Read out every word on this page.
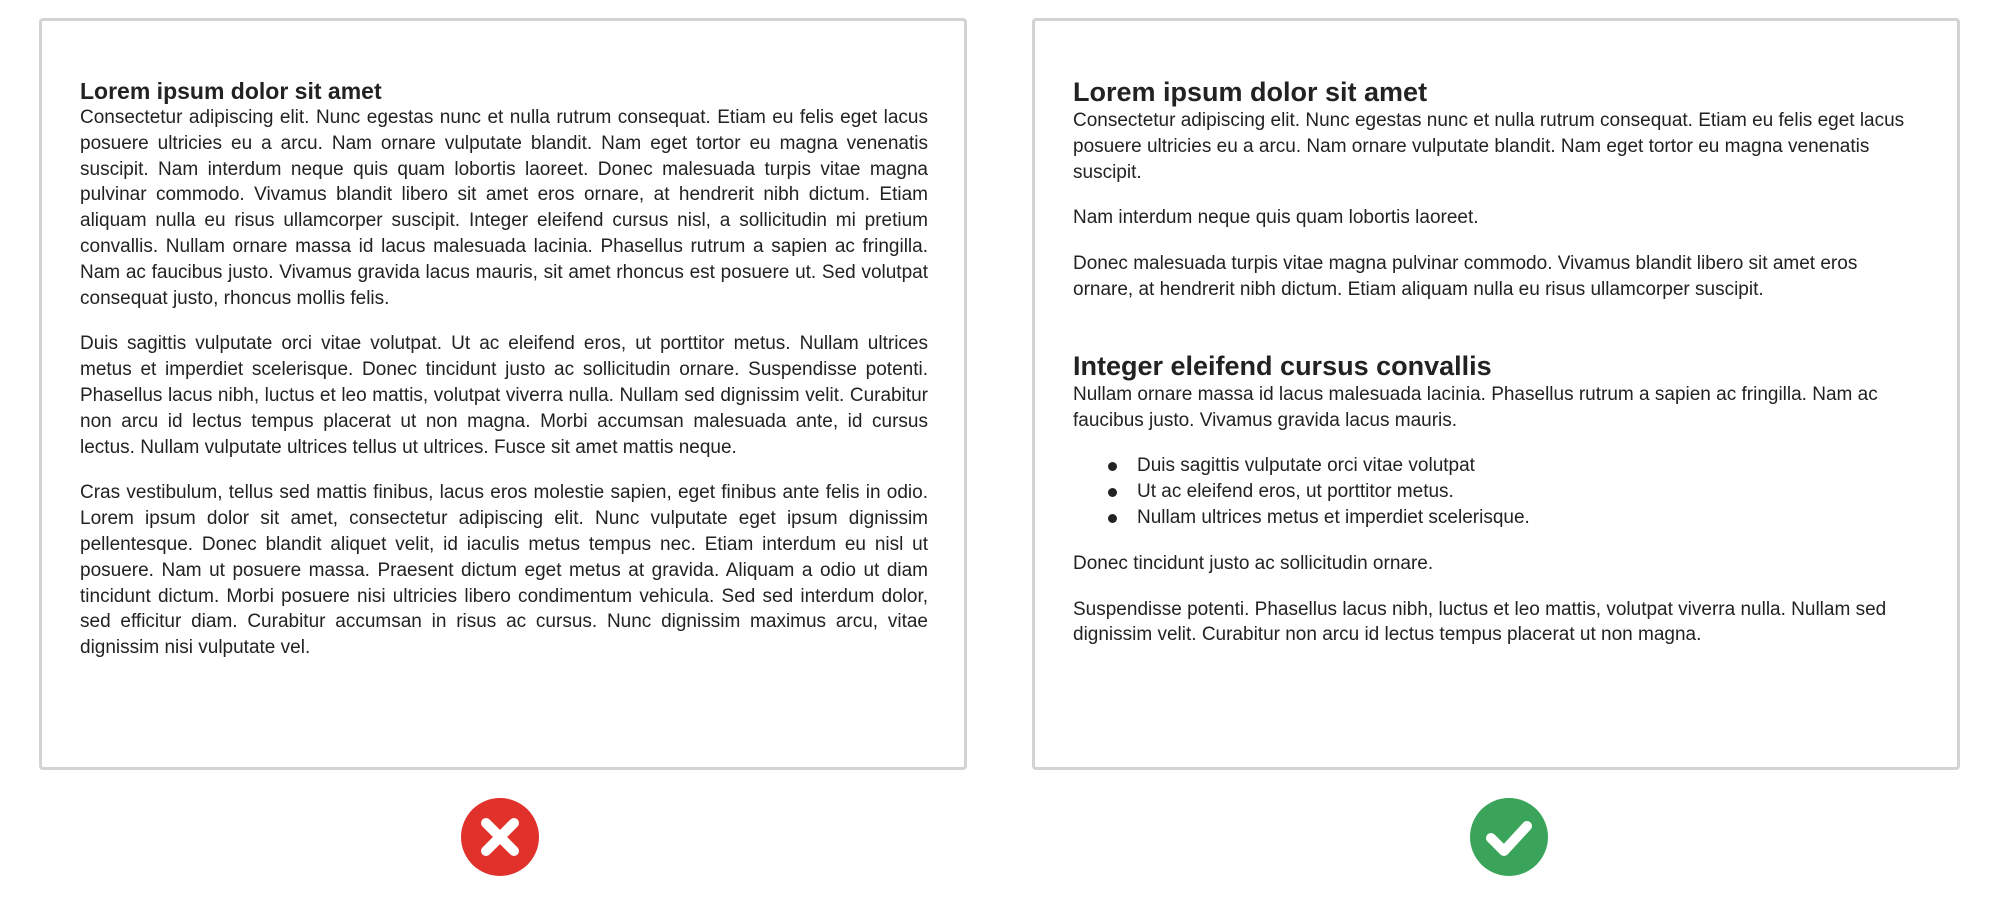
Lorem ipsum dolor sit amet

Consectetur adipiscing elit. Nunc egestas nunc et nulla rutrum consequat. Etiam eu felis eget lacus posuere ultricies eu a arcu. Nam ornare vulputate blandit. Nam eget tortor eu magna venenatis suscipit. Nam interdum neque quis quam lobortis laoreet. Donec malesuada turpis vitae magna pulvinar commodo. Vivamus blandit libero sit amet eros ornare, at hendrerit nibh dictum. Etiam aliquam nulla eu risus ullamcorper suscipit. Integer eleifend cursus nisl, a sollicitudin mi pretium convallis. Nullam ornare massa id lacus malesuada lacinia. Phasellus rutrum a sapien ac fringilla. Nam ac faucibus justo. Vivamus gravida lacus mauris, sit amet rhoncus est posuere ut. Sed volutpat consequat justo, rhoncus mollis felis.

Duis sagittis vulputate orci vitae volutpat. Ut ac eleifend eros, ut porttitor metus. Nullam ultrices metus et imperdiet scelerisque. Donec tincidunt justo ac sollicitudin ornare. Suspendisse potenti. Phasellus lacus nibh, luctus et leo mattis, volutpat viverra nulla. Nullam sed dignissim velit. Curabitur non arcu id lectus tempus placerat ut non magna. Morbi accumsan malesuada ante, id cursus lectus. Nullam vulputate ultrices tellus ut ultrices. Fusce sit amet mattis neque.

Cras vestibulum, tellus sed mattis finibus, lacus eros molestie sapien, eget finibus ante felis in odio. Lorem ipsum dolor sit amet, consectetur adipiscing elit. Nunc vulputate eget ipsum dignissim pellentesque. Donec blandit aliquet velit, id iaculis metus tempus nec. Etiam interdum eu nisl ut posuere. Nam ut posuere massa. Praesent dictum eget metus at gravida. Aliquam a odio ut diam tincidunt dictum. Morbi posuere nisi ultricies libero condimentum vehicula. Sed sed interdum dolor, sed efficitur diam. Curabitur accumsan in risus ac cursus. Nunc dignissim maximus arcu, vitae dignissim nisi vulputate vel.

Lorem ipsum dolor sit amet

Consectetur adipiscing elit. Nunc egestas nunc et nulla rutrum consequat. Etiam eu felis eget lacus posuere ultricies eu a arcu. Nam ornare vulputate blandit. Nam eget tortor eu magna venenatis suscipit.

Nam interdum neque quis quam lobortis laoreet.

Donec malesuada turpis vitae magna pulvinar commodo. Vivamus blandit libero sit amet eros ornare, at hendrerit nibh dictum. Etiam aliquam nulla eu risus ullamcorper suscipit.

Integer eleifend cursus convallis

Nullam ornare massa id lacus malesuada lacinia. Phasellus rutrum a sapien ac fringilla. Nam ac faucibus justo. Vivamus gravida lacus mauris.

Duis sagittis vulputate orci vitae volutpat
Ut ac eleifend eros, ut porttitor metus.
Nullam ultrices metus et imperdiet scelerisque.

Donec tincidunt justo ac sollicitudin ornare.

Suspendisse potenti. Phasellus lacus nibh, luctus et leo mattis, volutpat viverra nulla. Nullam sed dignissim velit. Curabitur non arcu id lectus tempus placerat ut non magna.
